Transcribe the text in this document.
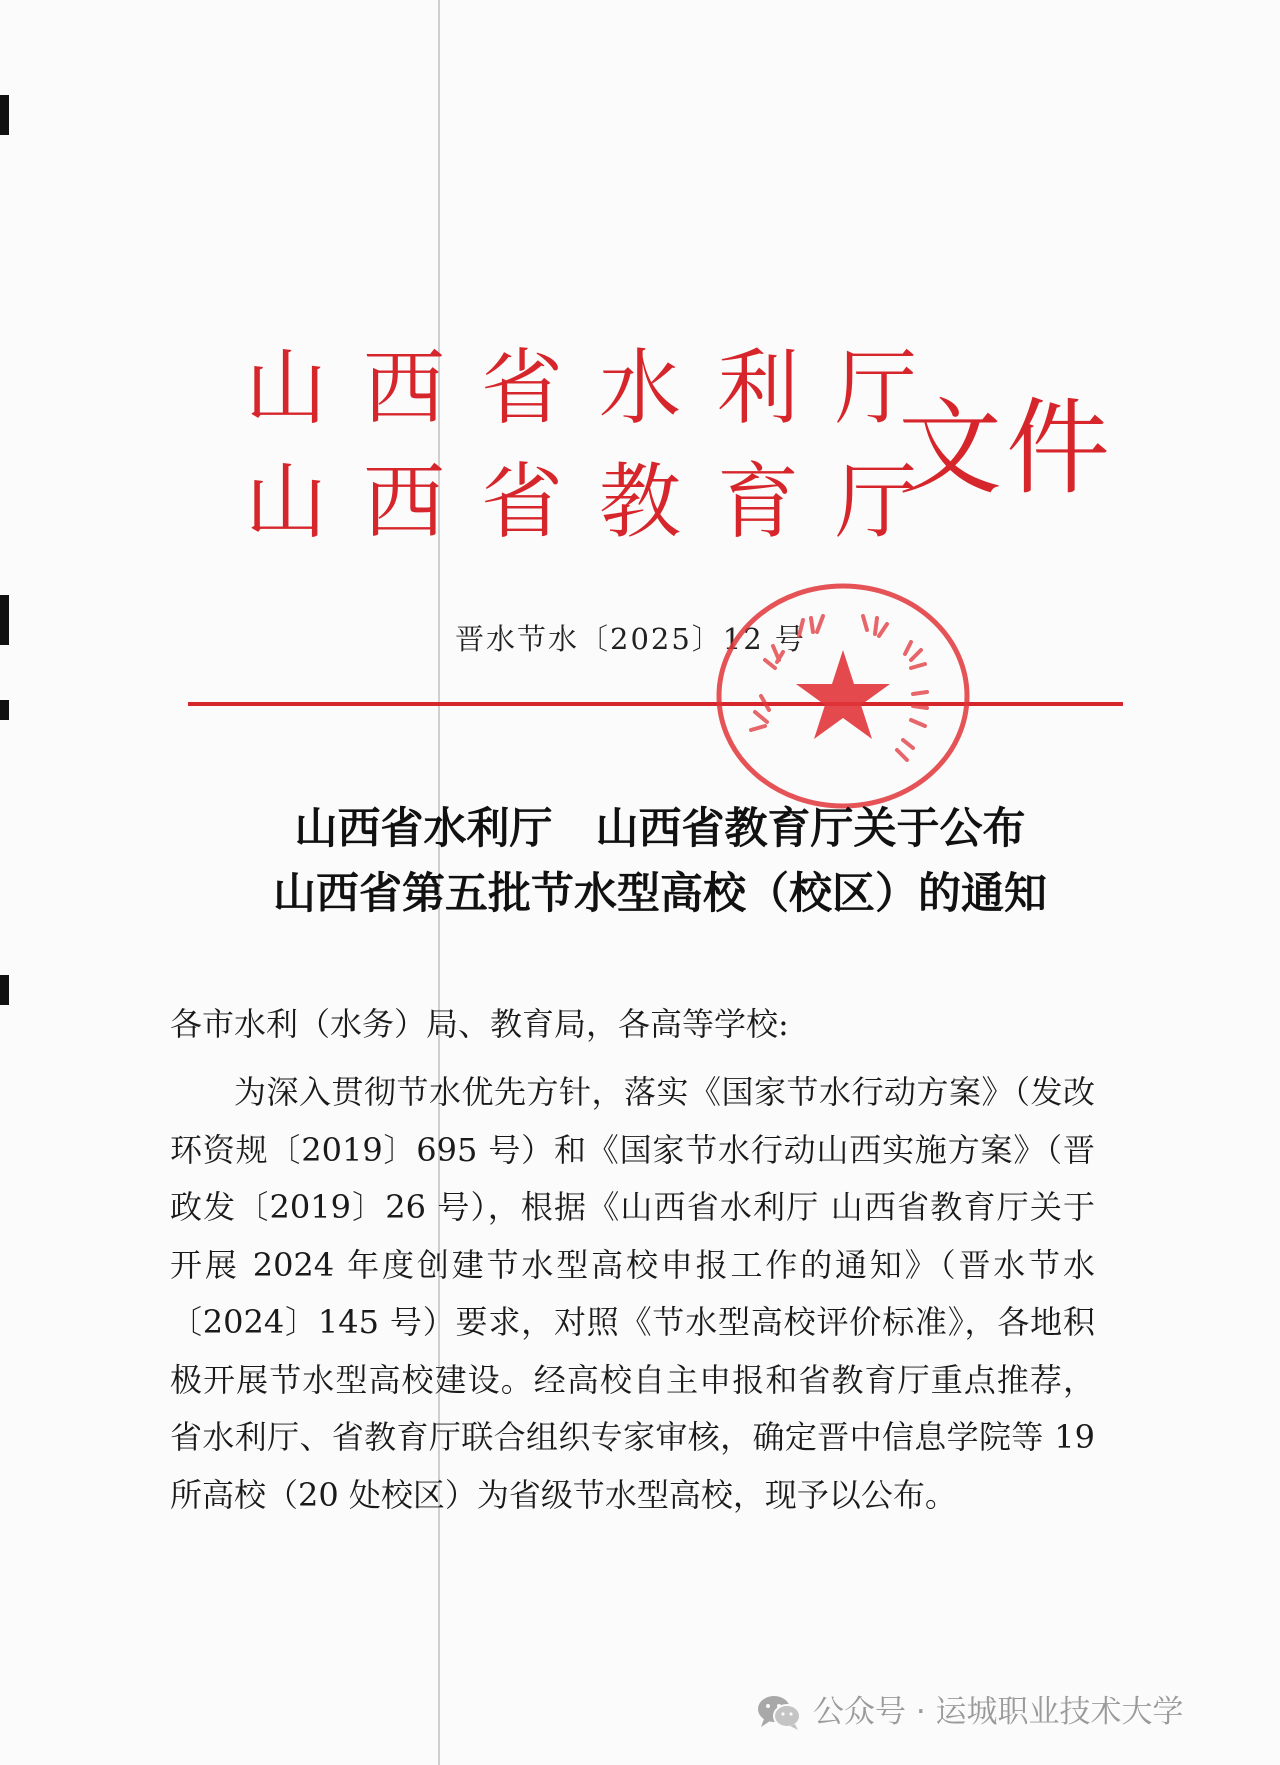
山西省水利厅
山西省教育厅
文件
晋水节水〔2025〕12 号
山西省水利厅　山西省教育厅关于公布
山西省第五批节水型高校（校区）的通知
各市水利（水务）局、教育局，各高等学校:
为深入贯彻节水优先方针，落实《国家节水行动方案》（发改环资规〔2019〕695 号）和《国家节水行动山西实施方案》（晋政发〔2019〕26 号），根据《山西省水利厅 山西省教育厅关于开展 2024 年度创建节水型高校申报工作的通知》（晋水节水〔2024〕145 号）要求，对照《节水型高校评价标准》，各地积极开展节水型高校建设。经高校自主申报和省教育厅重点推荐，省水利厅、省教育厅联合组织专家审核，确定晋中信息学院等 19 所高校（20 处校区）为省级节水型高校，现予以公布。
公众号 · 运城职业技术大学
